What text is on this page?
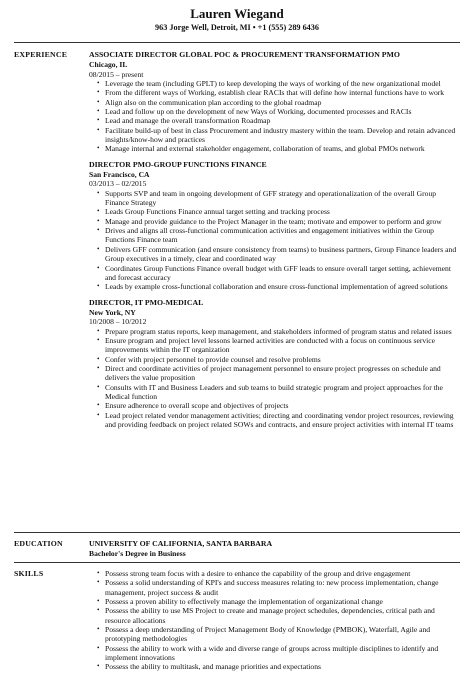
Lauren Wiegand
963 Jorge Well, Detroit, MI • +1 (555) 289 6436
EXPERIENCE	ASSOCIATE DIRECTOR GLOBAL POC & PROCUREMENT TRANSFORMATION PMO
Chicago, IL
08/2015 – present
• Leverage the team (including GPLT) to keep developing the ways of working of the new organizational model
• From the different ways of Working, establish clear RACIs that will define how internal functions have to work
• Align also on the communication plan according to the global roadmap
• Lead and follow up on the development of new Ways of Working, documented processes and RACIs
• Lead and manage the overall transformation Roadmap
• Facilitate build-up of best in class Procurement and industry mastery within the team. Develop and retain advanced insights/know-how and practices
• Manage internal and external stakeholder engagement, collaboration of teams, and global PMOs network
DIRECTOR PMO-GROUP FUNCTIONS FINANCE
San Francisco, CA
03/2013 – 02/2015
• Supports SVP and team in ongoing development of GFF strategy and operationalization of the overall Group Finance Strategy
• Leads Group Functions Finance annual target setting and tracking process
• Manage and provide guidance to the Project Manager in the team; motivate and empower to perform and grow
• Drives and aligns all cross-functional communication activities and engagement initiatives within the Group Functions Finance team
• Delivers GFF communication (and ensure consistency from teams) to business partners, Group Finance leaders and Group executives in a timely, clear and coordinated way
• Coordinates Group Functions Finance overall budget with GFF leads to ensure overall target setting, achievement and forecast accuracy
• Leads by example cross-functional collaboration and ensure cross-functional implementation of agreed solutions
DIRECTOR, IT PMO-MEDICAL
New York, NY
10/2008 – 10/2012
• Prepare program status reports, keep management, and stakeholders informed of program status and related issues
• Ensure program and project level lessons learned activities are conducted with a focus on continuous service improvements within the IT organization
• Confer with project personnel to provide counsel and resolve problems
• Direct and coordinate activities of project management personnel to ensure project progresses on schedule and delivers the value proposition
• Consults with IT and Business Leaders and sub teams to build strategic program and project approaches for the Medical function
• Ensure adherence to overall scope and objectives of projects
• Lead project related vendor management activities; directing and coordinating vendor project resources, reviewing and providing feedback on project related SOWs and contracts, and ensure project activities with internal IT teams
EDUCATION	UNIVERSITY OF CALIFORNIA, SANTA BARBARA
Bachelor's Degree in Business
SKILLS
•	Possess strong team focus with a desire to enhance the capability of the group and drive engagement
• Possess a solid understanding of KPI's and success measures relating to: new process implementation, change management, project success & audit
• Possess a proven ability to effectively manage the implementation of organizational change
• Possess the ability to use MS Project to create and manage project schedules, dependencies, critical path and resource allocations
• Possess a deep understanding of Project Management Body of Knowledge (PMBOK), Waterfall, Agile and prototyping methodologies
• Possess the ability to work with a wide and diverse range of groups across multiple disciplines to identify and implement innovations
• Possess the ability to multitask, and manage priorities and expectations
